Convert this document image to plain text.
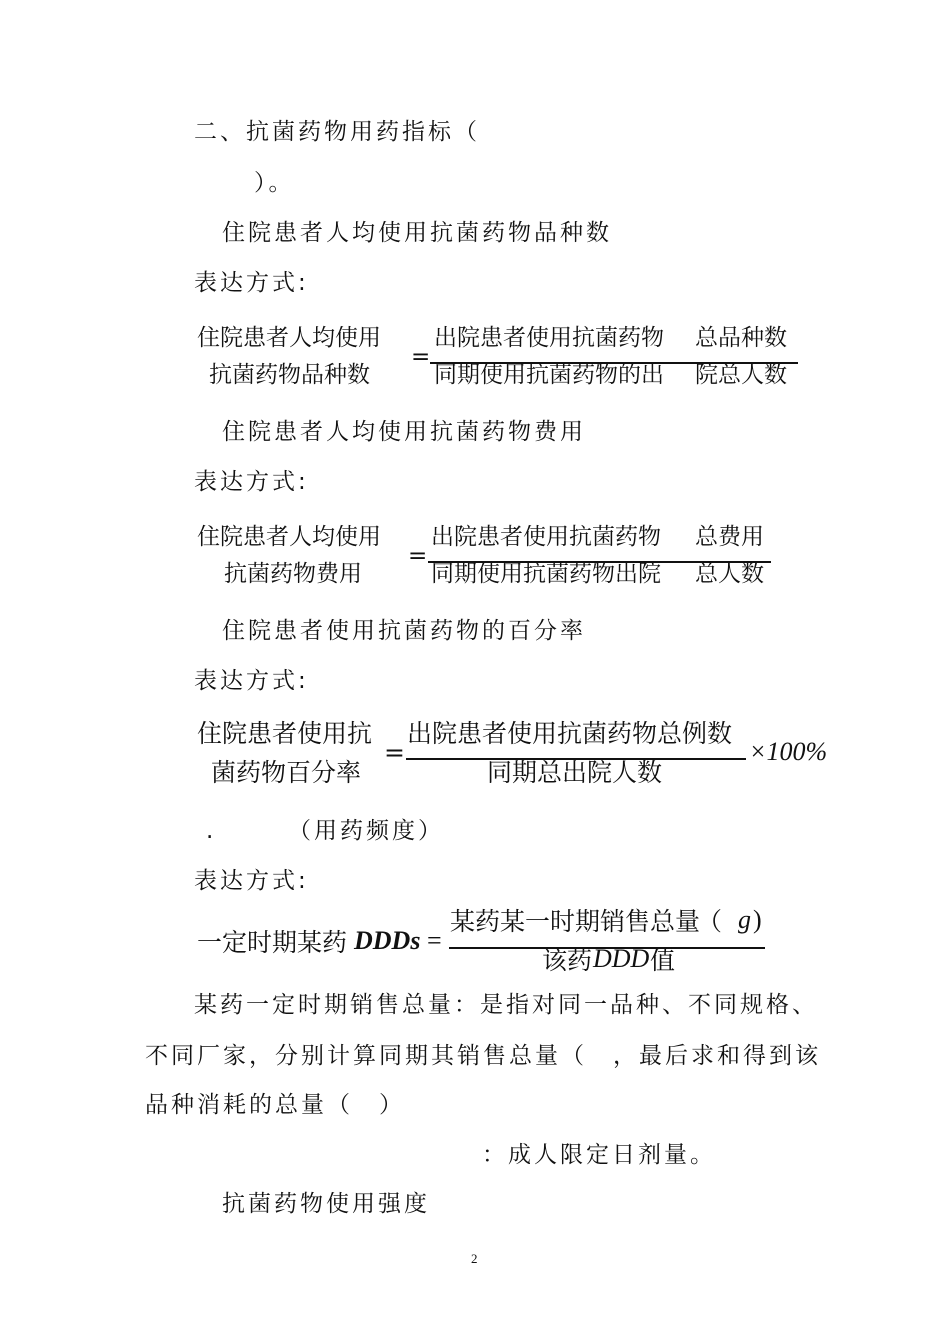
二、抗菌药物用药指标（
）。
住院患者人均使用抗菌药物品种数
表达方式:
住院患者人均使用
抗菌药物品种数
=
出院患者使用抗菌药物 总品种数
同期使用抗菌药物的出 院总人数
住院患者人均使用抗菌药物费用
表达方式:
住院患者人均使用
抗菌药物费用
=
出院患者使用抗菌药物 总费用
同期使用抗菌药物出院 总人数
住院患者使用抗菌药物的百分率
表达方式:
住院患者使用抗
菌药物百分率
=
出院患者使用抗菌药物总例数
同期总出院人数
×100%
.	（用药频度）
表达方式:
一定时期某药 DDDs =
某药某一时期销售总量
（ g )
该药 DDD 值
某药一定时期销售总量：是指对同一品种、不同规格、
不同厂家，分别计算同期其销售总量（　，最后求和得到该
品种消耗的总量（　）
：成人限定日剂量。
抗菌药物使用强度
2
